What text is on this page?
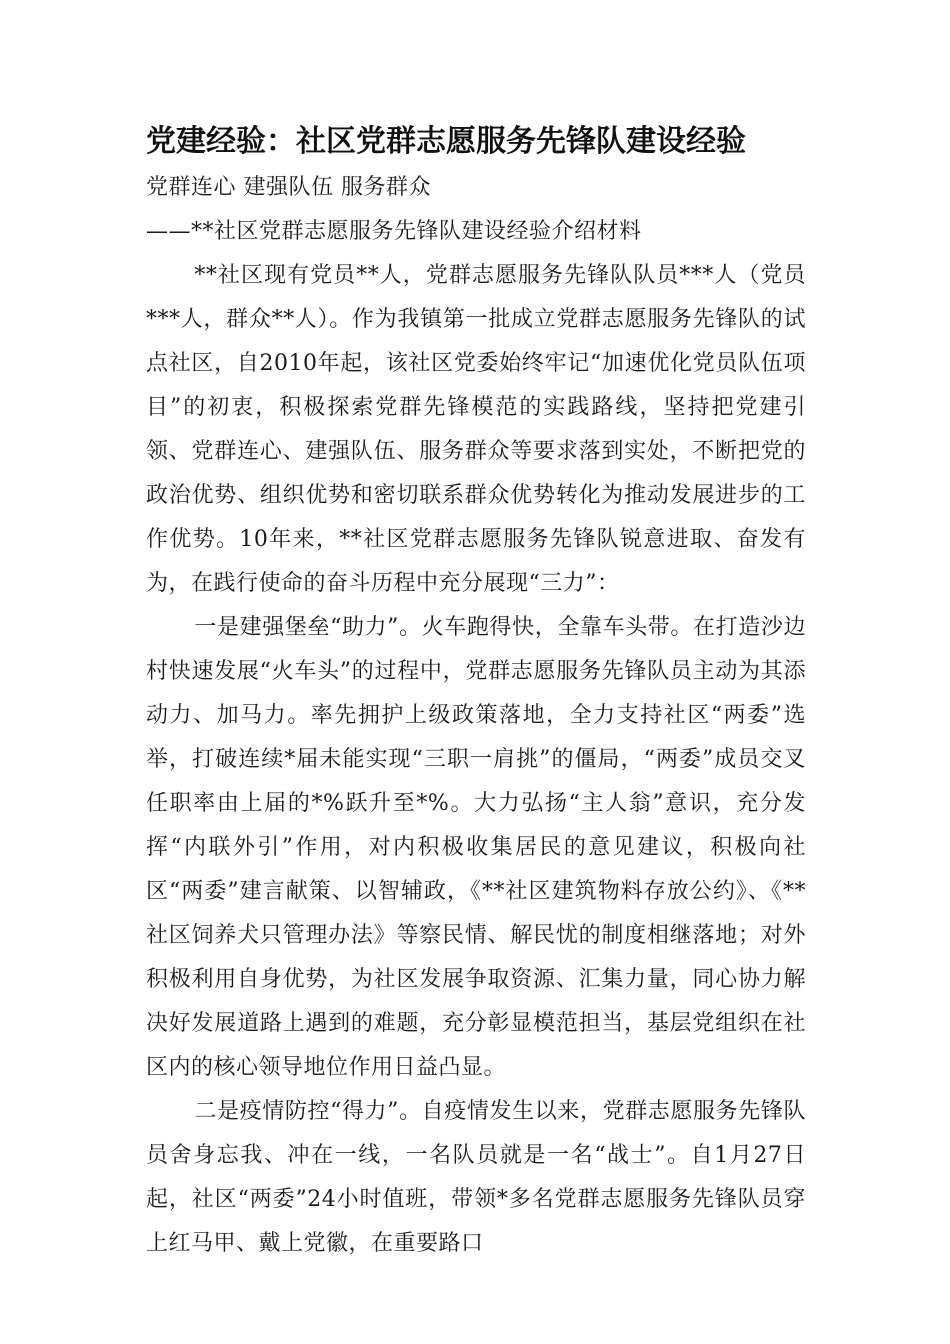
党建经验：社区党群志愿服务先锋队建设经验

党群连心 建强队伍 服务群众

——**社区党群志愿服务先锋队建设经验介绍材料

**社区现有党员**人，党群志愿服务先锋队队员***人（党员***人，群众**人）。作为我镇第一批成立党群志愿服务先锋队的试点社区，自2010年起，该社区党委始终牢记“加速优化党员队伍项目”的初衷，积极探索党群先锋模范的实践路线，坚持把党建引领、党群连心、建强队伍、服务群众等要求落到实处，不断把党的政治优势、组织优势和密切联系群众优势转化为推动发展进步的工作优势。10年来，**社区党群志愿服务先锋队锐意进取、奋发有为，在践行使命的奋斗历程中充分展现“三力”：

一是建强堡垒“助力”。火车跑得快，全靠车头带。在打造沙边村快速发展“火车头”的过程中，党群志愿服务先锋队员主动为其添动力、加马力。率先拥护上级政策落地，全力支持社区“两委”选举，打破连续*届未能实现“三职一肩挑”的僵局，“两委”成员交叉任职率由上届的*%跃升至*%。大力弘扬“主人翁”意识，充分发挥“内联外引”作用，对内积极收集居民的意见建议，积极向社区“两委”建言献策、以智辅政，《**社区建筑物料存放公约》、《**社区饲养犬只管理办法》等察民情、解民忧的制度相继落地；对外积极利用自身优势，为社区发展争取资源、汇集力量，同心协力解决好发展道路上遇到的难题，充分彰显模范担当，基层党组织在社区内的核心领导地位作用日益凸显。

二是疫情防控“得力”。自疫情发生以来，党群志愿服务先锋队员舍身忘我、冲在一线，一名队员就是一名“战士”。自1月27日起，社区“两委”24小时值班，带领*多名党群志愿服务先锋队员穿上红马甲、戴上党徽，在重要路口
